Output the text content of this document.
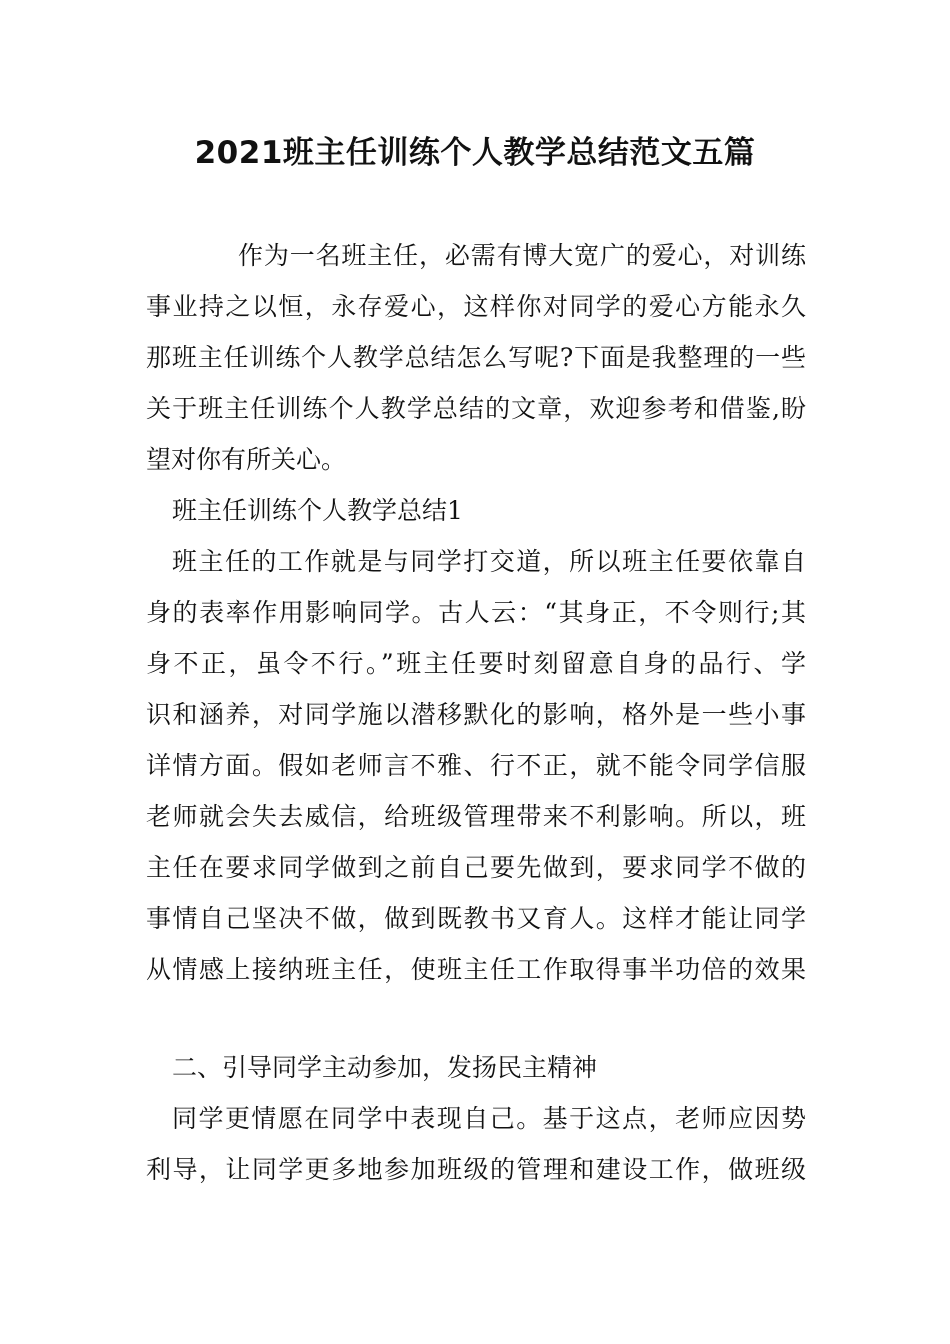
2021班主任训练个人教学总结范文五篇
作为一名班主任，必需有博大宽广的爱心，对训练
事业持之以恒，永存爱心，这样你对同学的爱心方能永久
那班主任训练个人教学总结怎么写呢?下面是我整理的一些
关于班主任训练个人教学总结的文章，欢迎参考和借鉴,盼
望对你有所关心。
班主任训练个人教学总结1
班主任的工作就是与同学打交道，所以班主任要依靠自
身的表率作用影响同学。古人云：“其身正，不令则行;其
身不正，虽令不行。”班主任要时刻留意自身的品行、学
识和涵养，对同学施以潜移默化的影响，格外是一些小事
详情方面。假如老师言不雅、行不正，就不能令同学信服
老师就会失去威信，给班级管理带来不利影响。所以，班
主任在要求同学做到之前自己要先做到，要求同学不做的
事情自己坚决不做，做到既教书又育人。这样才能让同学
从情感上接纳班主任，使班主任工作取得事半功倍的效果
二、引导同学主动参加，发扬民主精神
同学更情愿在同学中表现自己。基于这点，老师应因势
利导，让同学更多地参加班级的管理和建设工作，做班级
